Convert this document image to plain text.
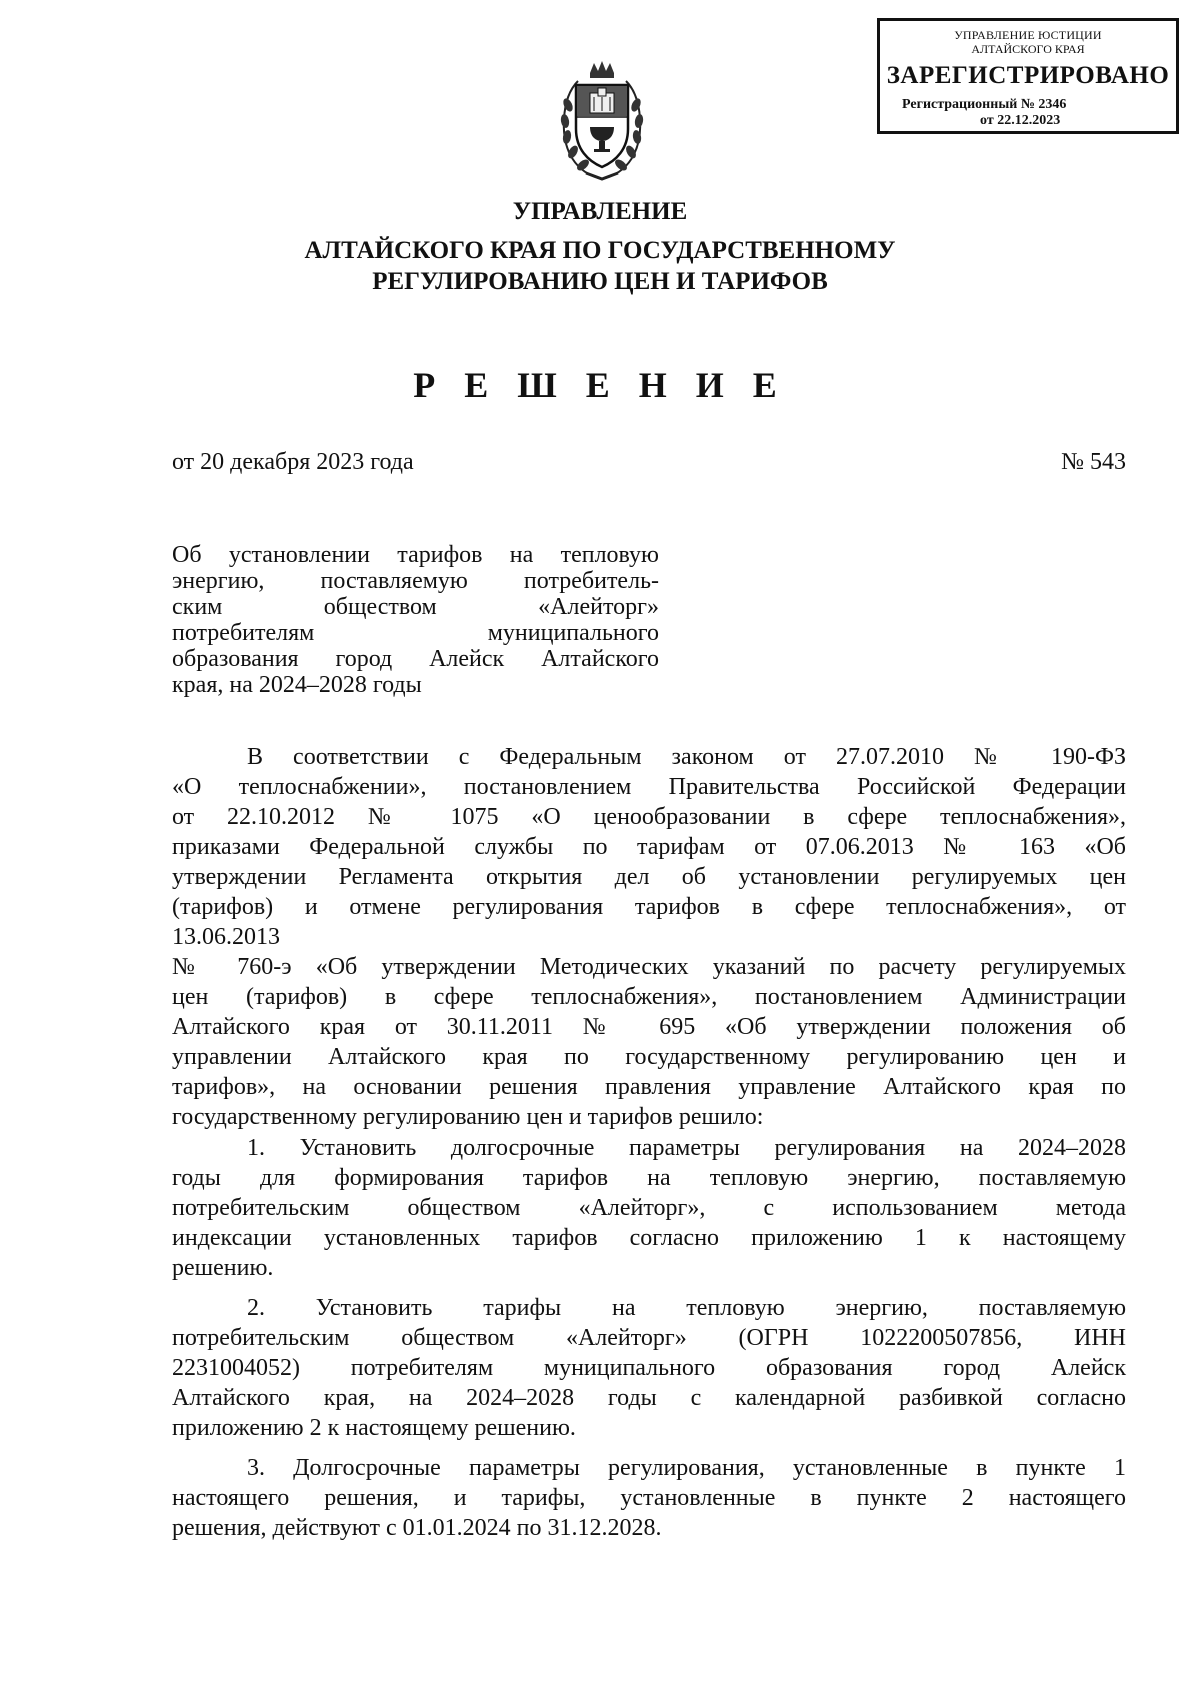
УПРАВЛЕНИЕ ЮСТИЦИИ
АЛТАЙСКОГО КРАЯ
ЗАРЕГИСТРИРОВАНО
Регистрационный № 2346
от 22.12.2023
УПРАВЛЕНИЕ
АЛТАЙСКОГО КРАЯ ПО ГОСУДАРСТВЕННОМУ
РЕГУЛИРОВАНИЮ ЦЕН И ТАРИФОВ
Р Е Ш Е Н И Е
от 20 декабря 2023 года	№ 543
Об установлении тарифов на тепловую
энергию, поставляемую потребитель-
ским обществом «Алейторг»
потребителям муниципального
образования город Алейск Алтайского
края, на 2024–2028 годы
В соответствии с Федеральным законом от 27.07.2010 № 190-ФЗ
«О теплоснабжении», постановлением Правительства Российской Федерации
от 22.10.2012 № 1075 «О ценообразовании в сфере теплоснабжения»,
приказами Федеральной службы по тарифам от 07.06.2013 № 163 «Об
утверждении Регламента открытия дел об установлении регулируемых цен
(тарифов) и отмене регулирования тарифов в сфере теплоснабжения», от
13.06.2013
№ 760-э «Об утверждении Методических указаний по расчету регулируемых
цен (тарифов) в сфере теплоснабжения», постановлением Администрации
Алтайского края от 30.11.2011 № 695 «Об утверждении положения об
управлении Алтайского края по государственному регулированию цен и
тарифов», на основании решения правления управление Алтайского края по
государственному регулированию цен и тарифов решило:
1. Установить долгосрочные параметры регулирования на 2024–2028
годы для формирования тарифов на тепловую энергию, поставляемую
потребительским обществом «Алейторг», с использованием метода
индексации установленных тарифов согласно приложению 1 к настоящему
решению.
2. Установить тарифы на тепловую энергию, поставляемую
потребительским обществом «Алейторг» (ОГРН 1022200507856, ИНН
2231004052) потребителям муниципального образования город Алейск
Алтайского края, на 2024–2028 годы с календарной разбивкой согласно
приложению 2 к настоящему решению.
3. Долгосрочные параметры регулирования, установленные в пункте 1
настоящего решения, и тарифы, установленные в пункте 2 настоящего
решения, действуют с 01.01.2024 по 31.12.2028.
